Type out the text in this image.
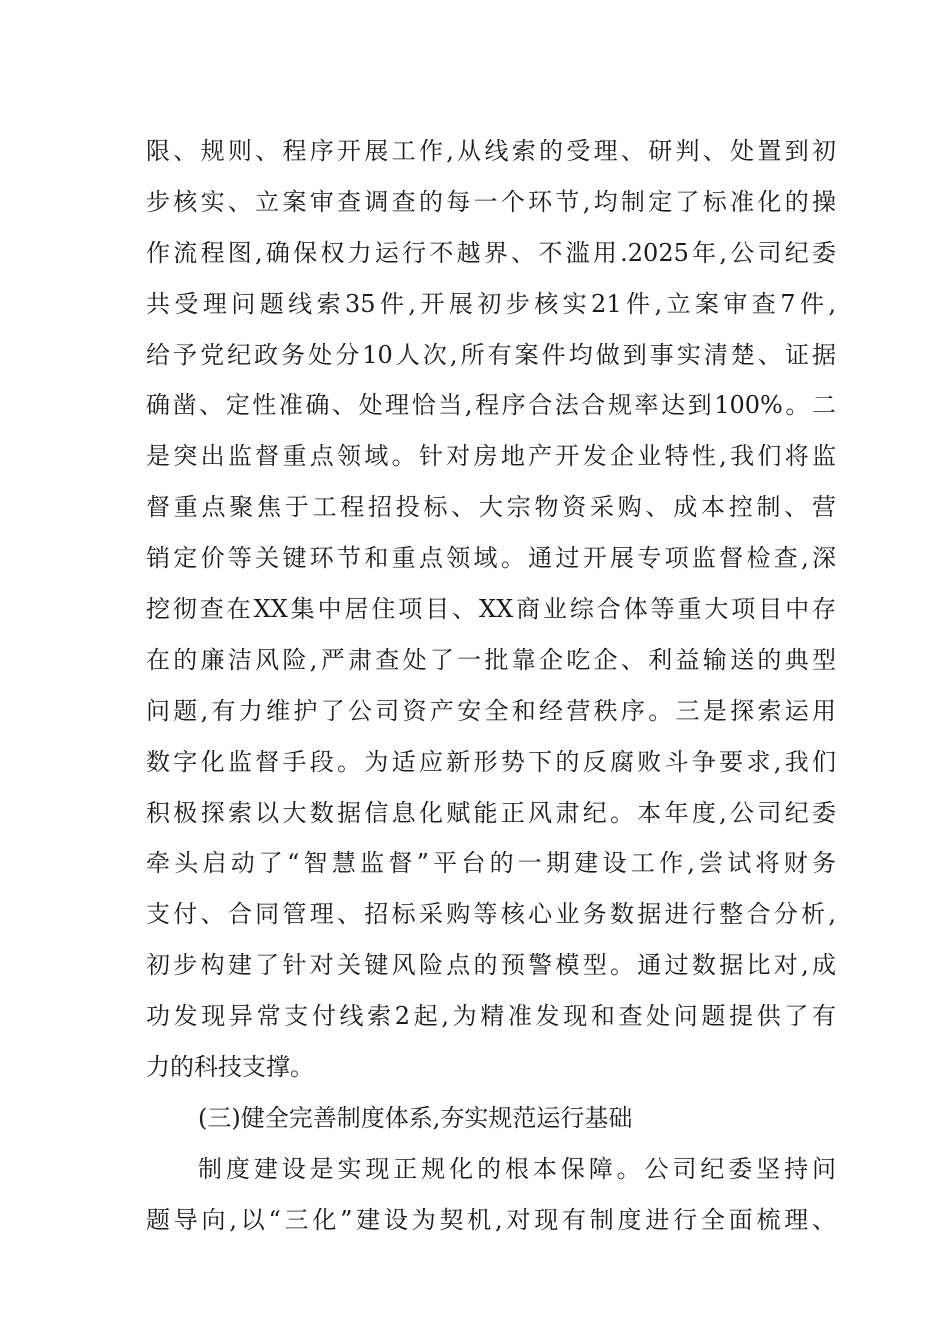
限、规则、程序开展工作,从线索的受理、研判、处置到初
步核实、立案审查调查的每一个环节,均制定了标准化的操
作流程图,确保权力运行不越界、不滥用.2025年,公司纪委
共受理问题线索35件,开展初步核实21件,立案审查7件,
给予党纪政务处分10人次,所有案件均做到事实清楚、证据
确凿、定性准确、处理恰当,程序合法合规率达到100%。二
是突出监督重点领域。针对房地产开发企业特性,我们将监
督重点聚焦于工程招投标、大宗物资采购、成本控制、营
销定价等关键环节和重点领域。通过开展专项监督检查,深
挖彻查在XX集中居住项目、XX商业综合体等重大项目中存
在的廉洁风险,严肃查处了一批靠企吃企、利益输送的典型
问题,有力维护了公司资产安全和经营秩序。三是探索运用
数字化监督手段。为适应新形势下的反腐败斗争要求,我们
积极探索以大数据信息化赋能正风肃纪。本年度,公司纪委
牵头启动了“智慧监督”平台的一期建设工作,尝试将财务
支付、合同管理、招标采购等核心业务数据进行整合分析,
初步构建了针对关键风险点的预警模型。通过数据比对,成
功发现异常支付线索2起,为精准发现和查处问题提供了有
力的科技支撑。
(三)健全完善制度体系,夯实规范运行基础
制度建设是实现正规化的根本保障。公司纪委坚持问
题导向,以“三化”建设为契机,对现有制度进行全面梳理、
